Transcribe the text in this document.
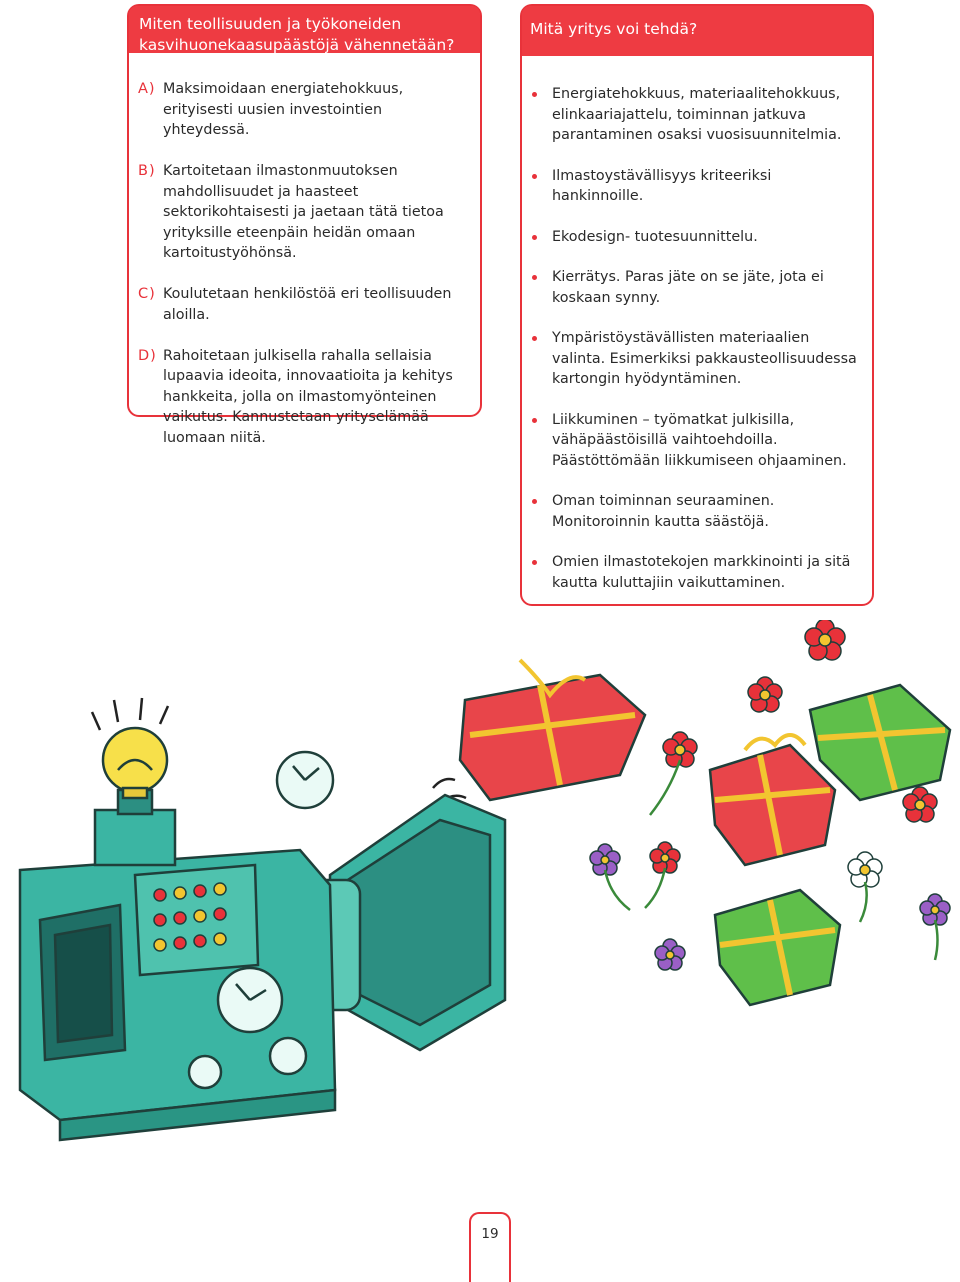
Miten teollisuuden ja työkoneiden kasvihuonekaasupäästöjä vähennetään?
A) Maksimoidaan energiatehokkuus, erityisesti uusien investointien yhteydessä.
B) Kartoitetaan ilmastonmuutoksen mahdollisuudet ja haasteet sektorikohtaisesti ja jaetaan tätä tietoa yrityksille eteenpäin heidän omaan kartoitustyöhönsä.
C) Koulutetaan henkilöstöä eri teollisuuden aloilla.
D) Rahoitetaan julkisella rahalla sellaisia lupaavia ideoita, innovaatioita ja kehitys hankkeita, jolla on ilmastomyönteinen vaikutus. Kannustetaan yrityselämää luomaan niitä.
Mitä yritys voi tehdä?
Energiatehokkuus, materiaalitehokkuus, elinkaariajattelu, toiminnan jatkuva parantaminen osaksi vuosisuunnitelmia.
Ilmastoystävällisyys kriteeriksi hankinnoille.
Ekodesign- tuotesuunnittelu.
Kierrätys. Paras jäte on se jäte, jota ei koskaan synny.
Ympäristöystävällisten materiaalien valinta. Esimerkiksi pakkausteollisuudessa kartongin hyödyntäminen.
Liikkuminen – työmatkat julkisilla, vähäpäästöisillä vaihtoehdoilla. Päästöttömään liikkumiseen ohjaaminen.
Oman toiminnan seuraaminen. Monitoroinnin kautta säästöjä.
Omien ilmastotekojen markkinointi ja sitä kautta kuluttajiin vaikuttaminen.
19
